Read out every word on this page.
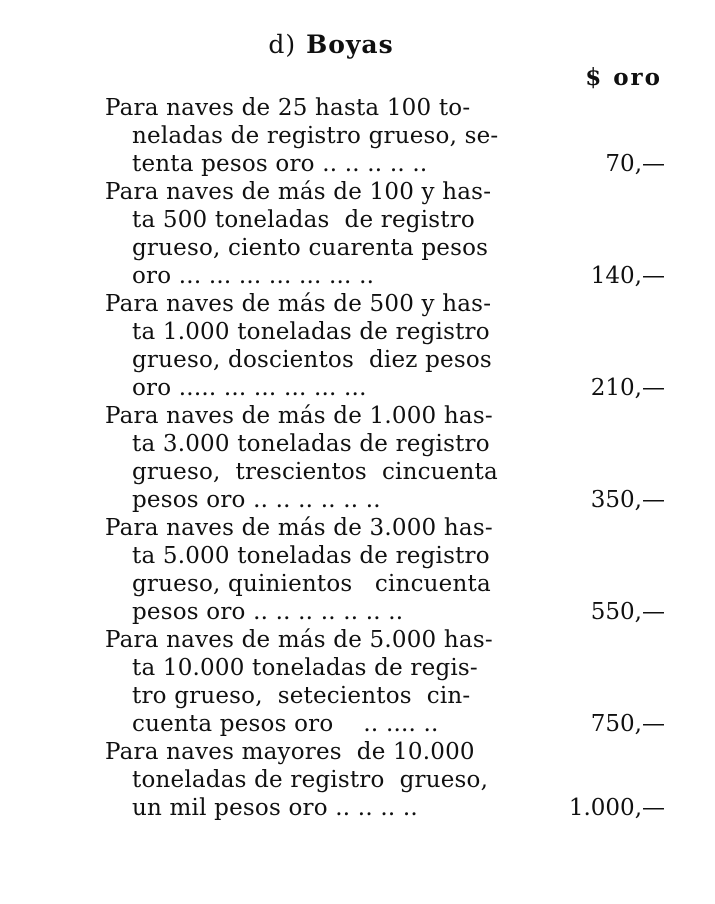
d) Boyas
$ oro
Para naves de 25 hasta 100 to-
neladas de registro grueso, se-
tenta pesos oro .. .. .. .. ..	70,—
Para naves de más de 100 y has-
ta 500 toneladas  de registro
grueso, ciento cuarenta pesos
oro ... ... ... ... ... ... ..	140,—
Para naves de más de 500 y has-
ta 1.000 toneladas de registro
grueso, doscientos  diez pesos
oro ..... ... ... ... ... ...	210,—
Para naves de más de 1.000 has-
ta 3.000 toneladas de registro
grueso,  trescientos  cincuenta
pesos oro .. .. .. .. .. ..	350,—
Para naves de más de 3.000 has-
ta 5.000 toneladas de registro
grueso, quinientos   cincuenta
pesos oro .. .. .. .. .. .. ..	550,—
Para naves de más de 5.000 has-
ta 10.000 toneladas de regis-
tro grueso,  setecientos  cin-
cuenta pesos oro    .. .... ..	750,—
Para naves mayores  de 10.000
toneladas de registro  grueso,
un mil pesos oro .. .. .. ..	1.000,—
